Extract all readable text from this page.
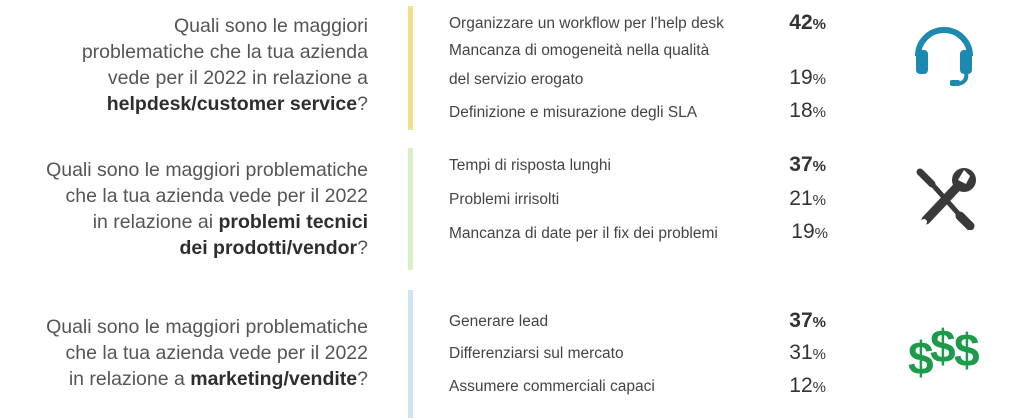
Quali sono le maggiori
problematiche che la tua azienda
vede per il 2022 in relazione a
helpdesk/customer service?
Organizzare un workflow per l’help desk	42%
Mancanza di omogeneità nella qualità
del servizio erogato	19%
Definizione e misurazione degli SLA	18%
Quali sono le maggiori problematiche
che la tua azienda vede per il 2022
in relazione ai problemi tecnici
dei prodotti/vendor?
Tempi di risposta lunghi	37%
Problemi irrisolti	21%
Mancanza di date per il fix dei problemi	19%
Quali sono le maggiori problematiche
che la tua azienda vede per il 2022
in relazione a marketing/vendite?
Generare lead	37%
Differenziarsi sul mercato	31%
Assumere commerciali capaci	12%
$
$
$
